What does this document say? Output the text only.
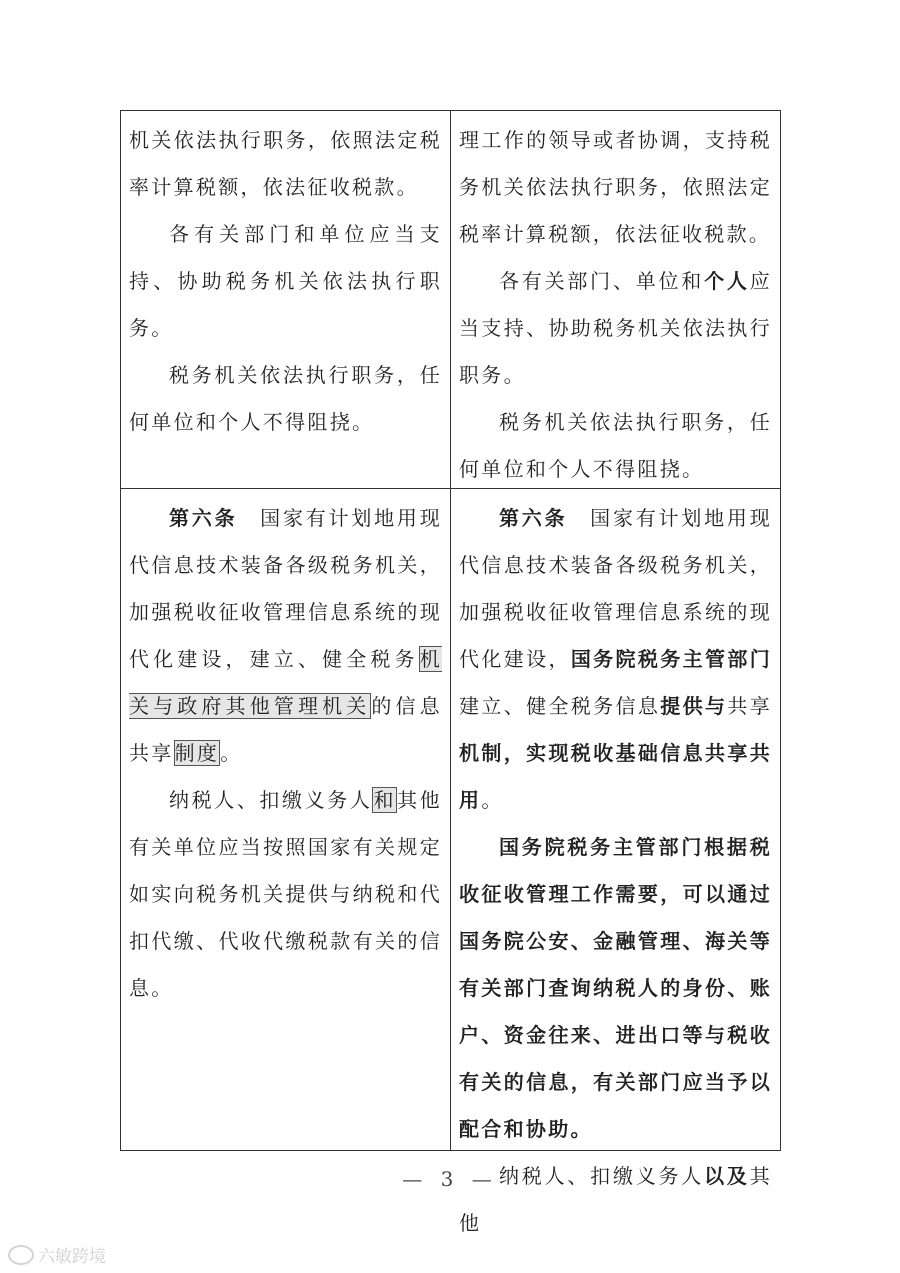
机关依法执行职务，依照法定税率计算税额，依法征收税款。

各有关部门和单位应当支持、协助税务机关依法执行职务。

税务机关依法执行职务，任何单位和个人不得阻挠。

理工作的领导或者协调，支持税务机关依法执行职务，依照法定税率计算税额，依法征收税款。

各有关部门、单位和个人应当支持、协助税务机关依法执行职务。

税务机关依法执行职务，任何单位和个人不得阻挠。

第六条　 国家有计划地用现代信息技术装备各级税务机关，加强税收征收管理信息系统的现代化建设，建立、健全税务机关与政府其他管理机关的信息共享制度。

纳税人、扣缴义务人和其他有关单位应当按照国家有关规定如实向税务机关提供与纳税和代扣代缴、代收代缴税款有关的信息。

第六条　 国家有计划地用现代信息技术装备各级税务机关，加强税收征收管理信息系统的现代化建设，国务院税务主管部门建立、健全税务信息提供与共享机制，实现税收基础信息共享共用。

国务院税务主管部门根据税收征收管理工作需要，可以通过国务院公安、金融管理、海关等有关部门查询纳税人的身份、账户、资金往来、进出口等与税收有关的信息，有关部门应当予以配合和协助。

纳税人、扣缴义务人以及其他

— 3 —
六敏跨境
